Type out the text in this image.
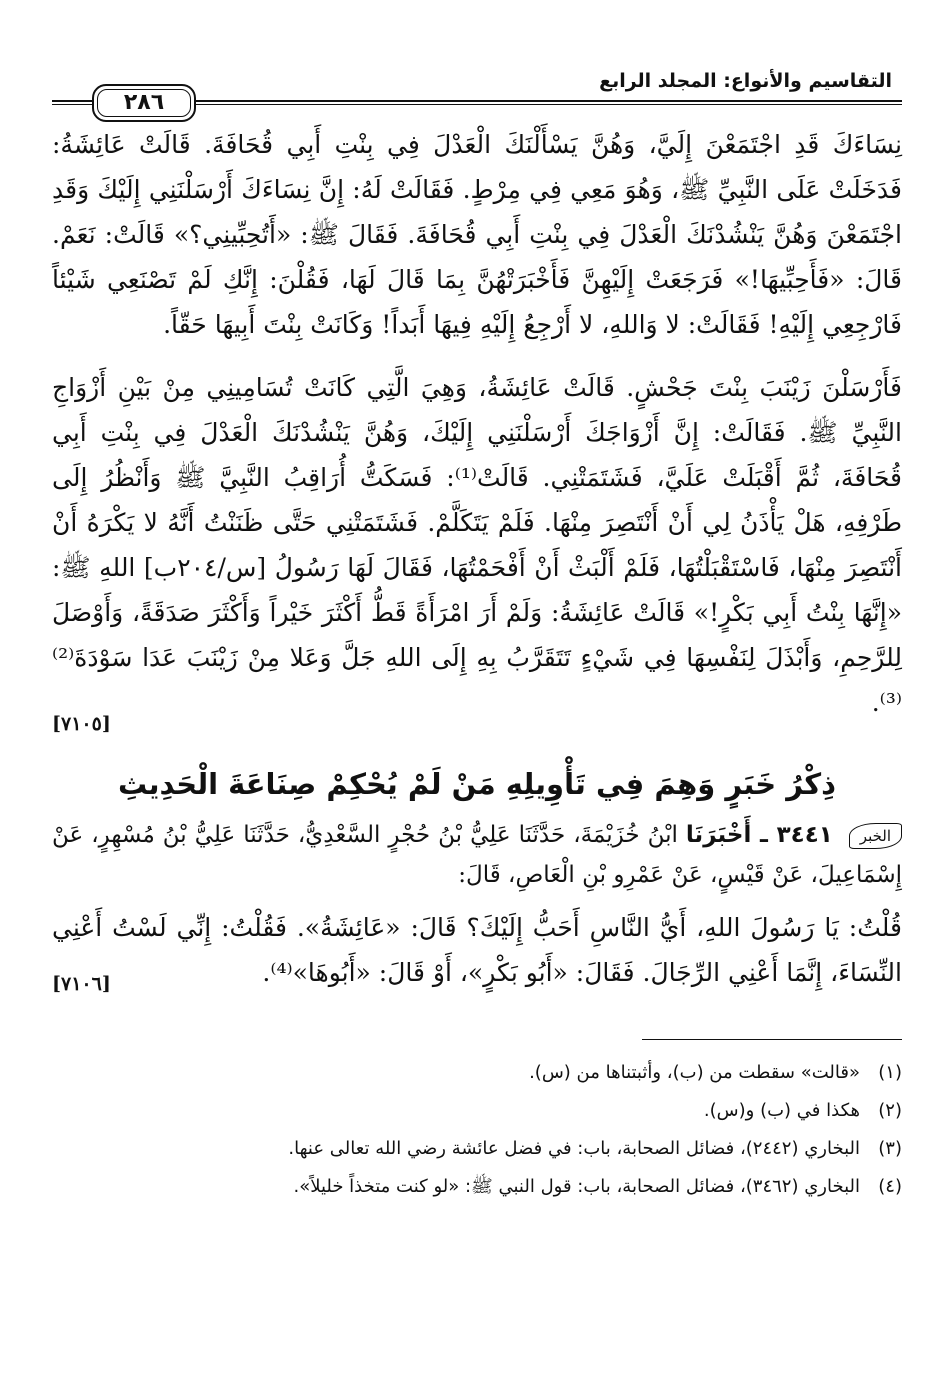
التقاسيم والأنواع: المجلد الرابع
٢٨٦

نِسَاءَكَ قَدِ اجْتَمَعْنَ إِلَيَّ، وَهُنَّ يَسْأَلْنَكَ الْعَدْلَ فِي بِنْتِ أَبِي قُحَافَةَ. قَالَتْ عَائِشَةُ: فَدَخَلَتْ عَلَى النَّبِيِّ ﷺ، وَهُوَ مَعِي فِي مِرْطٍ. فَقَالَتْ لَهُ: إِنَّ نِسَاءَكَ أَرْسَلْنَنِي إِلَيْكَ وَقَدِ اجْتَمَعْنَ وَهُنَّ يَنْشُدْنَكَ الْعَدْلَ فِي بِنْتِ أَبِي قُحَافَةَ. فَقَالَ ﷺ: «أَتُحِبِّينِي؟» قَالَتْ: نَعَمْ. قَالَ: «فَأَحِبِّيهَا!» فَرَجَعَتْ إِلَيْهِنَّ فَأَخْبَرَتْهُنَّ بِمَا قَالَ لَهَا، فَقُلْنَ: إِنَّكِ لَمْ تَصْنَعِي شَيْئاً فَارْجِعِي إِلَيْهِ! فَقَالَتْ: لا وَاللهِ، لا أَرْجِعُ إِلَيْهِ فِيهَا أَبَداً! وَكَانَتْ بِنْتَ أَبِيهَا حَقّاً.

فَأَرْسَلْنَ زَيْنَبَ بِنْتَ جَحْشٍ. قَالَتْ عَائِشَةُ، وَهِيَ الَّتِي كَانَتْ تُسَامِينِي مِنْ بَيْنِ أَزْوَاجِ النَّبِيِّ ﷺ. فَقَالَتْ: إِنَّ أَزْوَاجَكَ أَرْسَلْنَنِي إِلَيْكَ، وَهُنَّ يَنْشُدْنَكَ الْعَدْلَ فِي بِنْتِ أَبِي قُحَافَةَ، ثُمَّ أَقْبَلَتْ عَلَيَّ، فَشَتَمَتْنِي. قَالَتْ⁽¹⁾: فَسَكَتُّ أُرَاقِبُ النَّبِيَّ ﷺ وَأَنْظُرُ إِلَى طَرْفِهِ، هَلْ يَأْذَنُ لِي أَنْ أَنْتَصِرَ مِنْهَا. فَلَمْ يَتَكَلَّمْ. فَشَتَمَتْنِي حَتَّى ظَنَنْتُ أَنَّهُ لا يَكْرَهُ أَنْ أَنْتَصِرَ مِنْهَا، فَاسْتَقْبَلْتُهَا، فَلَمْ أَلْبَثْ أَنْ أَفْحَمْتُهَا، فَقَالَ لَهَا رَسُولُ [س/٢٠٤ب] اللهِ ﷺ: «إِنَّهَا بِنْتُ أَبِي بَكْرٍ!» قَالَتْ عَائِشَةُ: وَلَمْ أَرَ امْرَأَةً قَطُّ أَكْثَرَ خَيْراً وَأَكْثَرَ صَدَقَةً، وَأَوْصَلَ لِلرَّحِمِ، وَأَبْذَلَ لِنَفْسِهَا فِي شَيْءٍ تَتَقَرَّبُ بِهِ إِلَى اللهِ جَلَّ وَعَلا مِنْ زَيْنَبَ عَدَا سَوْدَةَ⁽²⁾⁽³⁾.

[٧١٠٥]
ذِكْرُ خَبَرٍ وَهِمَ فِي تَأْوِيلِهِ مَنْ لَمْ يُحْكِمْ صِنَاعَةَ الْحَدِيثِ
الخبر ٣٤٤١ ـ أَخْبَرَنَا ابْنُ خُزَيْمَةَ، حَدَّثَنَا عَلِيُّ بْنُ حُجْرٍ السَّعْدِيُّ، حَدَّثَنَا عَلِيُّ بْنُ مُسْهِرٍ، عَنْ إِسْمَاعِيلَ، عَنْ قَيْسٍ، عَنْ عَمْرِو بْنِ الْعَاصِ، قَالَ:

قُلْتُ: يَا رَسُولَ اللهِ، أَيُّ النَّاسِ أَحَبُّ إِلَيْكَ؟ قَالَ: «عَائِشَةُ». فَقُلْتُ: إِنِّي لَسْتُ أَعْنِي النِّسَاءَ، إِنَّمَا أَعْنِي الرِّجَالَ. فَقَالَ: «أَبُو بَكْرٍ»، أَوْ قَالَ: «أَبُوهَا»⁽⁴⁾.

[٧١٠٦]
(١)«قالت» سقطت من (ب)، وأثبتناها من (س).
(٢)هكذا في (ب) و(س).
(٣)البخاري (٢٤٤٢)، فضائل الصحابة، باب: في فضل عائشة رضي الله تعالى عنها.
(٤)البخاري (٣٤٦٢)، فضائل الصحابة، باب: قول النبي ﷺ: «لو كنت متخذاً خليلاً».
